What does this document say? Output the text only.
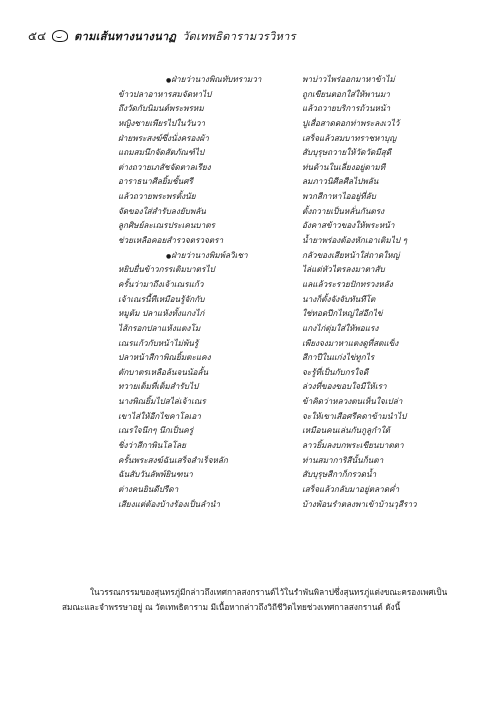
๕๔	ตามเส้นทางนางนาฏ วัดเทพธิดารามวรวิหาร
● ฝ่ายว่านางพิณทับทรามวา	พาบ่าวไพร่ออกมาหาข้าไม่
ข้าวปลาอาหารสมจัดหาไป	ถูกเขียนตอกใส่ให้พานมา
ถึงวัดกับนิมนต์พระพรหม	แล้วถวายบริการถ้วนหน้า
หญิงชายเพียรไปในวันวา	ปูเสื่อสาดดอกท่าพระลงเวไว้
ฝ่ายพระสงฆ์ซึ่งนั่งครองผ้า	เสร็จแล้วสมบาทราชหาบุญ
แถมสมนึกจัดสัตภัณฑ์ไป	สับบุรุษถวายให้วัดวัดมีสุดี
ต่างถวายเภสัชจัดตาลเรียง	ท่นด้านในเลี่ยงอยู่ตามที
อาราธนาศีลยิ้มชั้นศรี	ลมภาวนิศีลศีลไปพลัน
แล้วถวายพระพรตั้งนัย	พวกสีกาหาไออยู่ที่ลับ
จัดของใส่สำรับลงยับพลัน	ตั้งถวายเป็นหลั่นกันตรง
ลูกศิษย์ละเณรประเคนบาตร	อังคาสข้าวของให้พระหน้า
ช่วยเหลือคอยสำรวจตรวจตรา	น้ำยาพร่องต้องหักเอาเติมไป ๆ
● ฝ่ายว่านางพิมพ์ลวิเชา	กลัวของเสียหน้าใส่ถาดใหญ่
หยิบยื่นข้าวกรรเติมบาตรไป	ไล่แต่หัวไตรลงมาตาสับ
ครั้นว่ามาถึงเจ้าเณรแก้ว	แลแล้วระรวยปักทรวงหลัง
เจ้าเณรนี้ทีเหมือนรู้จักกับ	นางก็ตั้งจังจับทันทีโต
หมูต้ม ปลาแห้งทั้งแกงไก่	ใช่ทอดปีกไหญ่ใส่อีกไข่
ไส้กรอกปลาแห้งแตงโม	แกงไก่ตุ่มใส่ให้พอแรง
เณรแก้วกับหน้าไม่พ้นรู้	เพียงจงมาหาแตงดูที่สตแข็ง
ปลาหน้าสีกาพิณยิ้มตะแคง	สีกาปีในแก่งไข่ทูกไร
ตักบาตรเหลือล้นจนน้อลั้น	จะรู้ที่เป็นกับกรใจดี
ทวายเต็มที่เต็มสำรับไป	ล่วงที่ของขอบใจมีให้เรา
นางพิณยิ้มไปสไล่เจ้าเณร	ข้าคิดว่าหลวงตนเห็นใจเปล่า
เขาไส่ให้อีกไขคาโลเอา	จะให้เขาเสือศรีคดาข้ามนำไป
เณรใจนึกๆ นึกเป็นครู่	เหมือนคนเล่นกันกูลูกำใต้
ชิ่งว่าสีกาพินโลโลย	ลาวยิ้มลงบกพระเขียนบาตตา
ครั้นพระสงฆ์ฉันเสร็จสำเร็จหลัก	ท่านสมาการิสีนั้นก็นตา
ฉันสับวันลัพพ์ยินฑนา	สับบุรุษสีกาก็กรวดน้ำ
ต่างคนยินดีปรีดา	เสร็จแล้วกลับมาอยู่ตลาดค่ำ
เสียงแต่ต้องบ้างร้องเป็นลำนำ	บ้างพ้อนรำตลงพาเข้าบ้านวุสีราว

ในวรรณกรรมของสุนทรภู่มีกล่าวถึงเทศกาลสงกรานต์ไว้ในรำพันพิลาปซึ่งสุนทรภู่แต่งขณะครองเพศเป็นสมณะและจำพรรษาอยู่ ณ วัดเทพธิดาราม มีเนื้อหากล่าวถึงวิถีชีวิตไทยช่วงเทศกาลสงกรานต์ ดังนี้
